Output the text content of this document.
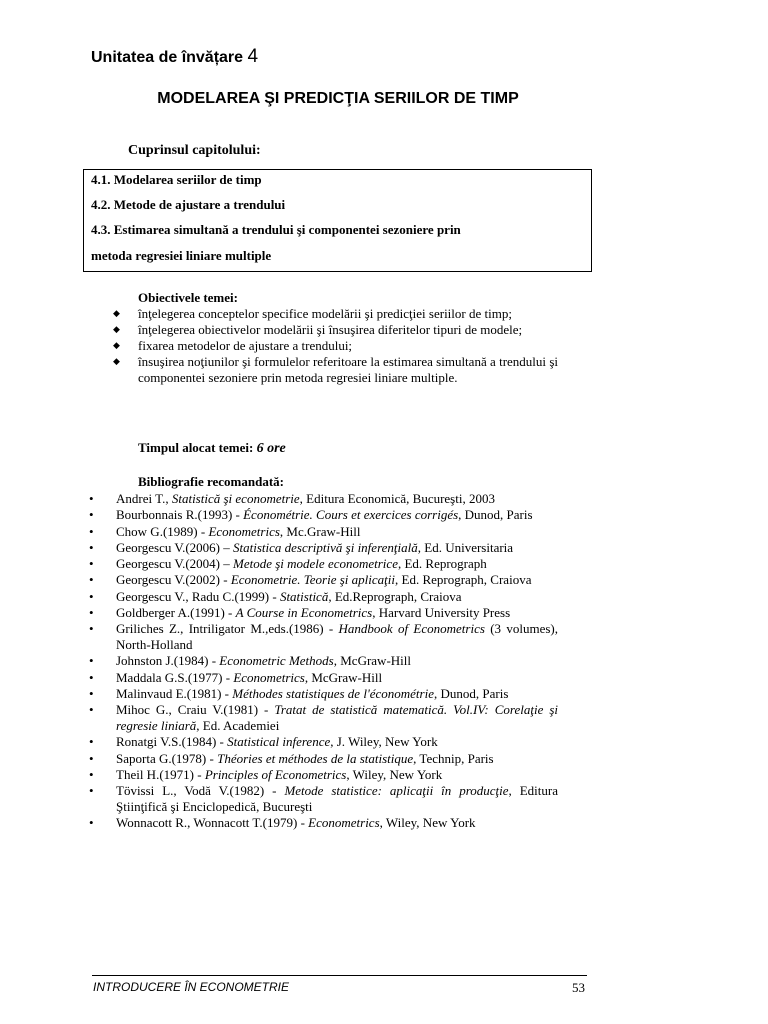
Unitatea de învățare 4
MODELAREA ŞI PREDICŢIA SERIILOR DE TIMP
Cuprinsul capitolului:
4.1. Modelarea seriilor de timp
4.2. Metode de ajustare a trendului
4.3. Estimarea simultană a trendului şi componentei sezoniere prin
metoda regresiei liniare multiple
Obiectivele temei:
◆ înţelegerea conceptelor specifice modelării şi predicţiei seriilor de timp;
◆ înţelegerea obiectivelor modelării şi însuşirea diferitelor tipuri de modele;
◆ fixarea metodelor de ajustare a trendului;
◆ însuşirea noţiunilor şi formulelor referitoare la estimarea simultană a trendului şi componentei sezoniere prin metoda regresiei liniare multiple.
Timpul alocat temei: 6 ore
Bibliografie recomandată:
• Andrei T., Statistică şi econometrie, Editura Economică, Bucureşti, 2003
• Bourbonnais R.(1993) - Économétrie. Cours et exercices corrigés, Dunod, Paris
• Chow G.(1989) - Econometrics, Mc.Graw-Hill
• Georgescu V.(2006) – Statistica descriptivă şi inferenţială, Ed. Universitaria
• Georgescu V.(2004) – Metode şi modele econometrice, Ed. Reprograph
• Georgescu V.(2002) - Econometrie. Teorie şi aplicaţii, Ed. Reprograph, Craiova
• Georgescu V., Radu C.(1999) - Statistică, Ed.Reprograph, Craiova
• Goldberger A.(1991) - A Course in Econometrics, Harvard University Press
• Griliches Z., Intriligator M.,eds.(1986) - Handbook of Econometrics (3 volumes), North-Holland
• Johnston J.(1984) - Econometric Methods, McGraw-Hill
• Maddala G.S.(1977) - Econometrics, McGraw-Hill
• Malinvaud E.(1981) - Méthodes statistiques de l'économétrie, Dunod, Paris
• Mihoc G., Craiu V.(1981) - Tratat de statistică matematică. Vol.IV: Corelaţie şi regresie liniară, Ed. Academiei
• Ronatgi V.S.(1984) - Statistical inference, J. Wiley, New York
• Saporta G.(1978) - Théories et méthodes de la statistique, Technip, Paris
• Theil H.(1971) - Principles of Econometrics, Wiley, New York
• Tövissi L., Vodă V.(1982) - Metode statistice: aplicaţii în producţie, Editura Ştiinţifică şi Enciclopedică, Bucureşti
• Wonnacott R., Wonnacott T.(1979) - Econometrics, Wiley, New York
INTRODUCERE ÎN ECONOMETRIE	53
